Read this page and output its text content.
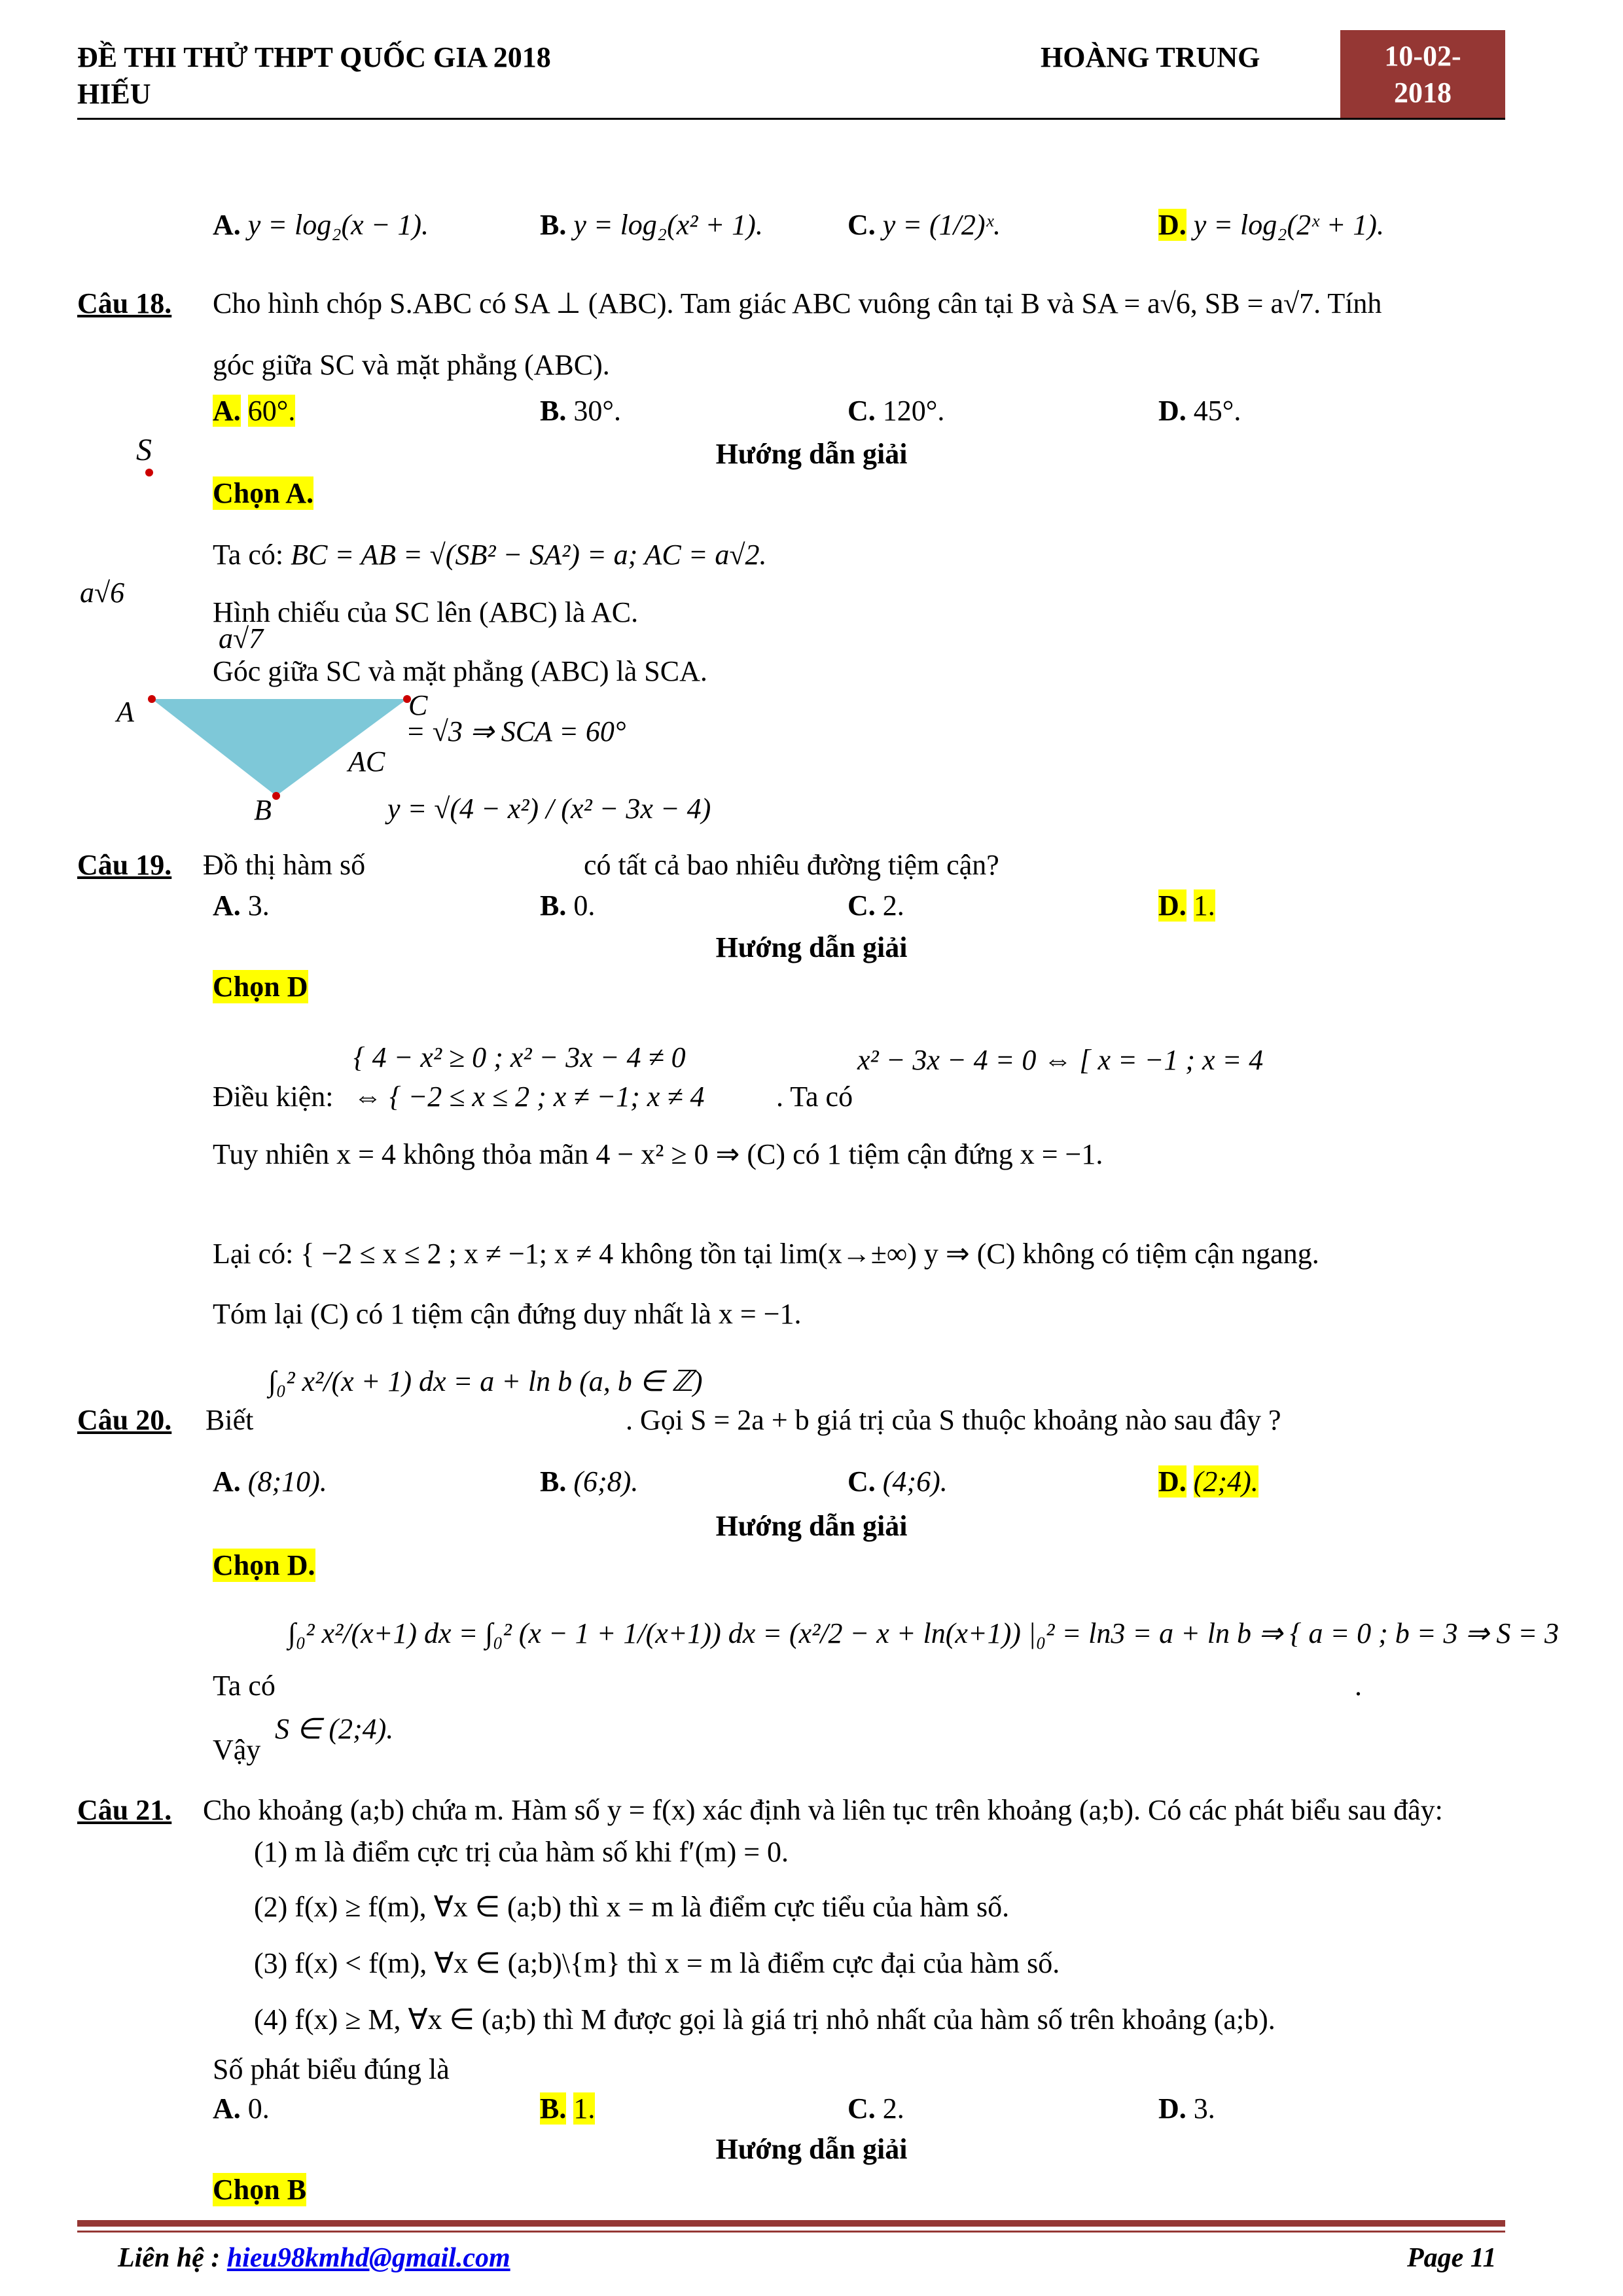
ĐỀ THI THỬ THPT QUỐC GIA 2018
HIẾU
HOÀNG TRUNG	10-02-
2018
A. y = log₂(x − 1).	B. y = log₂(x² + 1).	C. y = (1/2)ˣ.	D. y = log₂(2ˣ + 1).
Câu 18. Cho hình chóp S.ABC có SA ⊥ (ABC). Tam giác ABC vuông cân tại B và SA = a√6, SB = a√7. Tính
góc giữa SC và mặt phẳng (ABC).
A. 60°.	B. 30°.	C. 120°.	D. 45°.
S
A	C
B
a√6
a√7
Hướng dẫn giải
Chọn A.
Ta có: BC = AB = √(SB² − SA²) = a; AC = a√2.
Hình chiếu của SC lên (ABC) là AC.
Góc giữa SC và mặt phẳng (ABC) là SCA.
= √3 ⇒ SCA = 60°
AC
y = √(4 − x²) / (x² − 3x − 4)
Câu 19. Đồ thị hàm số	có tất cả bao nhiêu đường tiệm cận?
A. 3.	B. 0.	C. 2.	D. 1.
Hướng dẫn giải
Chọn D
Điều kiện:
{ 4 − x² ≥ 0 ; x² − 3x − 4 ≠ 0
⇔ { −2 ≤ x ≤ 2 ; x ≠ −1; x ≠ 4 . Ta có
x² − 3x − 4 = 0 ⇔ [ x = −1 ; x = 4
Tuy nhiên x = 4 không thỏa mãn 4 − x² ≥ 0 ⇒ (C) có 1 tiệm cận đứng x = −1.
Lại có: { −2 ≤ x ≤ 2 ; x ≠ −1; x ≠ 4 không tồn tại lim(x→±∞) y ⇒ (C) không có tiệm cận ngang.
Tóm lại (C) có 1 tiệm cận đứng duy nhất là x = −1.
∫₀² x²/(x + 1) dx = a + ln b (a, b ∈ ℤ)
Câu 20. Biết	. Gọi S = 2a + b giá trị của S thuộc khoảng nào sau đây ?
A. (8;10).	B. (6;8).	C. (4;6).	D. (2;4).
Hướng dẫn giải
Chọn D.
∫₀² x²/(x+1) dx = ∫₀² (x − 1 + 1/(x+1)) dx = (x²/2 − x + ln(x+1)) |₀² = ln3 = a + ln b ⇒ { a = 0 ; b = 3 ⇒ S = 3
Ta có	.
Vậy
S ∈ (2;4).
Câu 21. Cho khoảng (a;b) chứa m. Hàm số y = f(x) xác định và liên tục trên khoảng (a;b). Có các phát biểu sau đây:
(1) m là điểm cực trị của hàm số khi f′(m) = 0.
(2) f(x) ≥ f(m), ∀x ∈ (a;b) thì x = m là điểm cực tiểu của hàm số.
(3) f(x) < f(m), ∀x ∈ (a;b)\{m} thì x = m là điểm cực đại của hàm số.
(4) f(x) ≥ M, ∀x ∈ (a;b) thì M được gọi là giá trị nhỏ nhất của hàm số trên khoảng (a;b).
Số phát biểu đúng là
A. 0.	B. 1.	C. 2.	D. 3.
Hướng dẫn giải
Chọn B
Liên hệ : hieu98kmhd@gmail.com	Page 11
